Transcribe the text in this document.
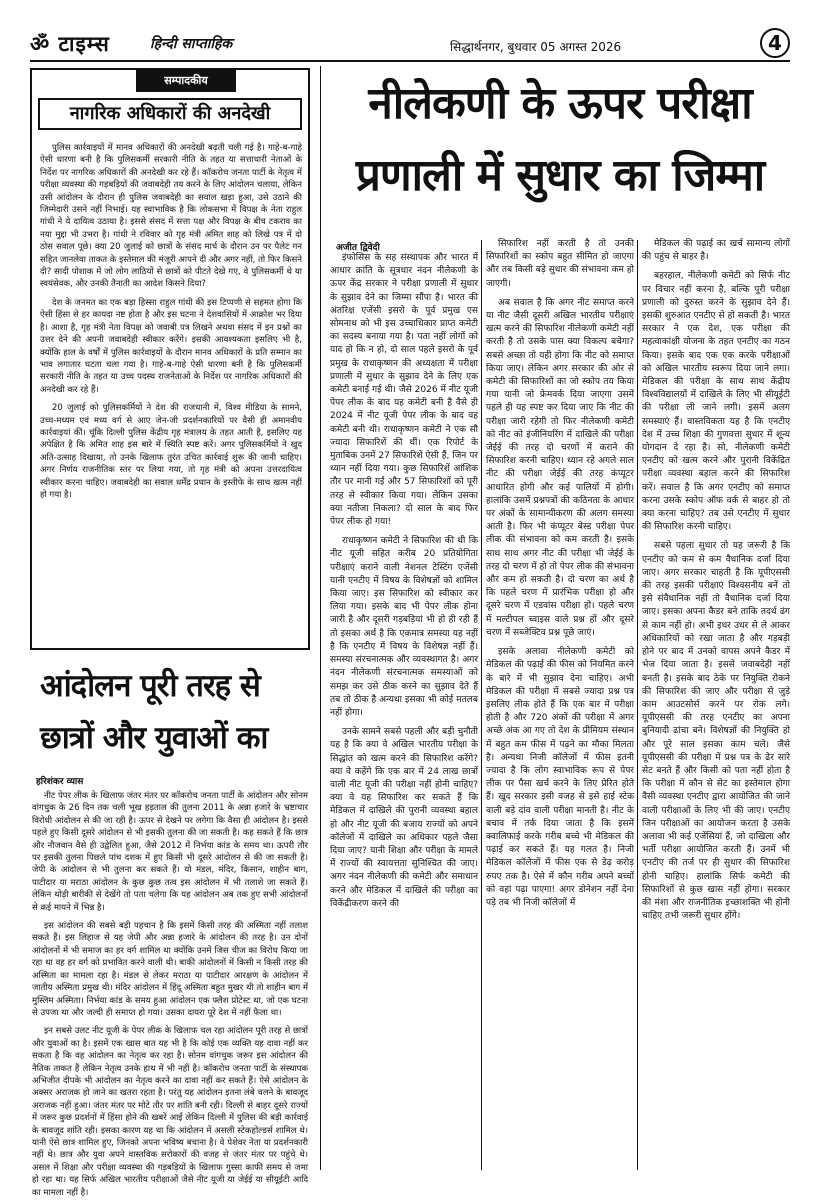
ॐ टाइम्स	हिन्दी साप्ताहिक	सिद्धार्थनगर, बुधवार 05 अगस्त 2026	4
सम्पादकीय
नागरिक अधिकारों की अनदेखी

पुलिस कार्रवाइयों में मानव अधिकारों की अनदेखी बढ़ती चली गई है। गाहे-ब-गाहे ऐसी धारणा बनी है कि पुलिसकर्मी सरकारी नीति के तहत या सत्ताधारी नेताओं के निर्देश पर नागरिक अधिकारों की अनदेखी कर रहे हैं। कॉकरोच जनता पार्टी के नेतृत्व में परीक्षा व्यवस्था की गड़बड़ियों की जवाबदेही तय करने के लिए आंदोलन चलाया, लेकिन उसी आंदोलन के दौरान ही पुलिस जवाबदेही का सवाल खड़ा हुआ, उसे उठाने की जिम्मेदारी उसने नहीं निभाई। यह स्वाभाविक है कि लोकसभा में विपक्ष के नेता राहुल गांधी ने ये दायित्व उठाया है। इससे संसद में सत्ता पक्ष और विपक्ष के बीच टकराव का नया मुद्दा भी उभरा है। गांधी ने रविवार को गृह मंत्री अमित शाह को लिखे पत्र में दो ठोस सवाल पूछे। क्या 20 जुलाई को छात्रों के संसद मार्च के दौरान उन पर पैलेट गन सहित जानलेवा ताकत के इस्तेमाल की मंजूरी आपने दी और अगर नहीं, तो फिर किसने दी? सादी पोशाक में जो लोग लाठियों से छात्रों को पीटते देखे गए, वे पुलिसकर्मी थे या स्वयंसेवक, और उनकी तैनाती का आदेश किसने दिया?

देश के जनमत का एक बड़ा हिस्सा राहुल गांधी की इस टिप्पणी से सहमत होगा कि ऐसी हिंसा से हर कायदा नष्ट होता है और इस घटना ने देशवासियों में आक्रोश भर दिया है। आशा है, गृह मंत्री नेता विपक्ष को जवाबी पत्र लिखने अथवा संसद में इन प्रश्नों का उत्तर देने की अपनी जवाबदेही स्वीकार करेंगे। इसकी आवश्यकता इसलिए भी है, क्योंकि हाल के वर्षों में पुलिस कार्रवाइयों के दौरान मानव अधिकारों के प्रति सम्मान का भाव लगातार घटता चला गया है। गाहे-ब-गाहे ऐसी धारणा बनी है कि पुलिसकर्मी सरकारी नीति के तहत या उच्च पदस्थ राजनेताओं के निर्देश पर नागरिक अधिकारों की अनदेखी कर रहे हैं।

20 जुलाई को पुलिसकर्मियों ने देश की राजधानी में, विश्व मीडिया के सामने, उच्च-मध्यम एवं मध्य वर्ग से आए जेन-जी प्रदर्शनकारियों पर वैसी ही अमानवीय कार्रवाइयां कीं। चूंकि दिल्ली पुलिस केंद्रीय गृह मंत्रालय के तहत आती है, इसलिए यह अपेक्षित है कि अमित शाह इस बारे में स्थिति स्पष्ट करें। अगर पुलिसकर्मियों ने खुद अति-उत्साह दिखाया, तो उनके खिलाफ तुरंत उचित कार्रवाई शुरू की जानी चाहिए। अगर निर्णय राजनीतिक स्तर पर लिया गया, तो गृह मंत्री को अपना उत्तरदायित्व स्वीकार करना चाहिए। जवाबदेही का सवाल धर्मेंद्र प्रधान के इस्तीफे के साथ खत्म नहीं हो गया है।

नीलेकणी के ऊपर परीक्षा प्रणाली में सुधार का जिम्मा
अजीत द्विवेदी

इंफोसिस के सह संस्थापक और भारत में आधार क्रांति के सूत्रधार नंदन नीलेकणी के ऊपर केंद्र सरकार ने परीक्षा प्रणाली में सुधार के सुझाव देने का जिम्मा सौंपा है। भारत की अंतरिक्ष एजेंसी इसरो के पूर्व प्रमुख एस सोमनाथ को भी इस उच्चाधिकार प्राप्त कमेटी का सदस्य बनाया गया है। पता नहीं लोगों को याद हो कि न हो, दो साल पहले इसरो के पूर्व प्रमुख के राधाकृष्णन की अध्यक्षता में परीक्षा प्रणाली में सुधार के सुझाव देने के लिए एक कमेटी बनाई गई थी। जैसे 2026 में नीट यूजी पेपर लीक के बाद यह कमेटी बनी है वैसे ही 2024 में नीट यूजी पेपर लीक के बाद वह कमेटी बनी थी। राधाकृष्णन कमेटी ने एक सौ ज्यादा सिफारिशें की थीं। एक रिपोर्ट के मुताबिक उनमें 27 सिफारिशें ऐसी हैं, जिन पर ध्यान नहीं दिया गया। कुछ सिफारिशें आंशिक तौर पर मानी गईं और 57 सिफारिशों को पूरी तरह से स्वीकार किया गया। लेकिन उसका क्या नतीजा निकला? दो साल के बाद फिर पेपर लीक हो गया!

राधाकृष्णन कमेटी ने सिफारिश की थी कि नीट यूजी सहित करीब 20 प्रतियोगिता परीक्षाएं कराने वाली नेशनल टेस्टिंग एजेंसी यानी एनटीए में विषय के विशेषज्ञों को शामिल किया जाए। इस सिफारिश को स्वीकार कर लिया गया। इसके बाद भी पेपर लीक होना जारी है और दूसरी गड़बड़ियां भी हो ही रही हैं तो इसका अर्थ है कि एकमात्र समस्या यह नहीं है कि एनटीए में विषय के विशेषज्ञ नहीं हैं। समस्या संरचनात्मक और व्यवस्थागत है। अगर नंदन नीलेकणी संरचनात्मक समस्याओं को समझ कर उसे ठीक करने का सुझाव देते हैं तब तो ठीक है अन्यथा इसका भी कोई मतलब नहीं होगा।

उनके सामने सबसे पहली और बड़ी चुनौती यह है कि क्या वे अखिल भारतीय परीक्षा के सिद्धांत को खत्म करने की सिफारिश करेंगे? क्या वे कहेंगे कि एक बार में 24 लाख छात्रों वाली नीट यूजी की परीक्षा नहीं होनी चाहिए? क्या वे यह सिफारिश कर सकते हैं कि मेडिकल में दाखिले की पुरानी व्यवस्था बहाल हो और नीट यूजी की बजाय राज्यों को अपने कॉलेजों में दाखिले का अधिकार पहले जैसा दिया जाए? यानी शिक्षा और परीक्षा के मामले में राज्यों की स्वायत्तता सुनिश्चित की जाए। अगर नंदन नीलेकणी की कमेटी और समाधान करने और मेडिकल में दाखिले की परीक्षा का विकेंद्रीकरण करने की

सिफारिश नहीं करती है तो उनकी सिफारिशों का स्कोप बहुत सीमित हो जाएगा और तब किसी बड़े सुधार की संभावना कम हो जाएगी।

अब सवाल है कि अगर नीट समाप्त करने या नीट जैसी दूसरी अखिल भारतीय परीक्षाएं खत्म करने की सिफारिश नीलेकणी कमेटी नहीं करती है तो उसके पास क्या विकल्प बचेगा? सबसे अच्छा तो यही होगा कि नीट को समाप्त किया जाए। लेकिन अगर सरकार की ओर से कमेटी की सिफारिशों का जो स्कोप तय किया गया यानी जो फ्रेमवर्क दिया जाएगा उसमें पहले ही यह स्पष्ट कर दिया जाए कि नीट की परीक्षा जारी रहेगी तो फिर नीलेकणी कमेटी को नीट को इंजीनियरिंग में दाखिले की परीक्षा जेईई की तरह दो चरणों में कराने की सिफारिश करनी चाहिए। ध्यान रहे अगले साल नीट की परीक्षा जेईई की तरह कंप्यूटर आधारित होगी और कई पालियों में होगी। हालांकि उसमें प्रश्नपत्रों की कठिनता के आधार पर अंकों के सामान्यीकरण की अलग समस्या आती है। फिर भी कंप्यूटर बेस्ड परीक्षा पेपर लीक की संभावना को कम करती है। इसके साथ साथ अगर नीट की परीक्षा भी जेईई के तरह दो चरण में हो तो पेपर लीक की संभावना और कम हो सकती है। दो चरण का अर्थ है कि पहले चरण में प्रारंभिक परीक्षा हो और दूसरे चरण में एडवांस परीक्षा हो। पहले चरण में मल्टीपल च्वाइस वाले प्रश्न हों और दूसरे चरण में सब्जेक्टिव प्रश्न पूछे जाएं।

इसके अलावा नीलेकणी कमेटी को मेडिकल की पढ़ाई की फीस को नियमित करने के बारे में भी सुझाव देना चाहिए। अभी मेडिकल की परीक्षा में सबसे ज्यादा प्रश्न पत्र इसलिए लीक होते हैं कि एक बार में परीक्षा होती है और 720 अंकों की परीक्षा में अगर अच्छे अंक आ गए तो देश के प्रीमियम संस्थान में बहुत कम फीस में पढ़ने का मौका मिलता है। अन्यथा निजी कॉलेजों में फीस इतनी ज्यादा है कि लोग स्वाभाविक रूप से पेपर लीक पर पैसा खर्च करने के लिए प्रेरित होते हैं। खुद सरकार इसी वजह से इसे हाई स्टेक वाली बड़े दांव वाली परीक्षा मानती है। नीट के बचाव में तर्क दिया जाता है कि इसमें क्वालिफाई करके गरीब बच्चे भी मेडिकल की पढ़ाई कर सकते हैं। यह गलत है। निजी मेडिकल कॉलेजों में फीस एक से डेढ़ करोड़ रुपए तक है। ऐसे में कौन गरीब अपने बच्चों को वहां पढ़ा पाएगा! अगर डोनेशन नहीं देना पड़े तब भी निजी कॉलेजों में

मेडिकल की पढ़ाई का खर्च सामान्य लोगों की पहुंच से बाहर है।

बहरहाल, नीलेकणी कमेटी को सिर्फ नीट पर विचार नहीं करना है, बल्कि पूरी परीक्षा प्रणाली को दुरुस्त करने के सुझाव देने हैं। इसकी शुरुआत एनटीए से हो सकती है। भारत सरकार ने एक देश, एक परीक्षा की महत्वाकांक्षी योजना के तहत एनटीए का गठन किया। इसके बाद एक एक करके परीक्षाओं को अखिल भारतीय स्वरूप दिया जाने लगा। मेडिकल की परीक्षा के साथ साथ केंद्रीय विश्वविद्यालयों में दाखिले के लिए भी सीयूईटी की परीक्षा ली जाने लगी। इसमें अलग समस्याएं हैं। वास्तविकता यह है कि एनटीए देश में उच्च शिक्षा की गुणवत्ता सुधार में शून्य योगदान दे रहा है। सो, नीलेकणी कमेटी एनटीए को खत्म करने और पुरानी विकेंद्रित परीक्षा व्यवस्था बहाल करने की सिफारिश करें। सवाल है कि अगर एनटीए को समाप्त करना उसके स्कोप ऑफ वर्क से बाहर हो तो क्या करना चाहिए? तब उसे एनटीए में सुधार की सिफारिश करनी चाहिए।

सबसे पहला सुधार तो यह जरूरी है कि एनटीए को कम से कम वैधानिक दर्जा दिया जाए। अगर सरकार चाहती है कि यूपीएससी की तरह इसकी परीक्षाएं विश्वसनीय बनें तो इसे संवैधानिक नहीं तो वैधानिक दर्जा दिया जाए। इसका अपना कैडर बने ताकि तदर्थ ढंग से काम नहीं हो। अभी इधर उधर से ले आकर अधिकारियों को रखा जाता है और गड़बड़ी होने पर बाद में उनको वापस अपने कैडर में भेज दिया जाता है। इससे जवाबदेही नहीं बनती है। इसके बाद ठेके पर नियुक्ति रोकने की सिफारिश की जाए और परीक्षा से जुड़े काम आउटसोर्स करने पर रोक लगे। यूपीएससी की तरह एनटीए का अपना बुनियादी ढांचा बने। विशेषज्ञों की नियुक्ति हो और पूरे साल इसका काम चले। जैसे यूपीएससी की परीक्षा में प्रश्न पत्र के ढेर सारे सेट बनते हैं और किसी को पता नहीं होता है कि परीक्षा में कौन से सेट का इस्तेमाल होगा वैसी व्यवस्था एनटीए द्वारा आयोजित की जाने वाली परीक्षाओं के लिए भी की जाए। एनटीए जिन परीक्षाओं का आयोजन करता है उसके अलावा भी कई एजेंसियां हैं, जो दाखिला और भर्ती परीक्षा आयोजित करती हैं। उनमें भी एनटीए की तर्ज पर ही सुधार की सिफारिश होनी चाहिए। हालांकि सिर्फ कमेटी की सिफारिशों से कुछ खास नहीं होगा। सरकार की मंशा और राजनीतिक इच्छाशक्ति भी होनी चाहिए तभी जरूरी सुधार होंगे।

आंदोलन पूरी तरह से छात्रों और युवाओं का
हरिशंकर व्यास

नीट पेपर लीक के खिलाफ जंतर मंतर पर कॉकरोच जनता पार्टी के आंदोलन और सोनम वांगचुक के 26 दिन तक चली भूख हड़ताल की तुलना 2011 के अन्ना हजारे के भ्रष्टाचार विरोधी आंदोलन से की जा रही है। ऊपर से देखने पर लगेगा कि वैसा ही आंदोलन है। इससे पहले हुए किसी दूसरे आंदोलन से भी इसकी तुलना की जा सकती है। कह सकते हैं कि छात्र और नौजवान वैसे ही उद्वेलित हुआ, जैसे 2012 में निर्भया कांड के समय था। ऊपरी तौर पर इसकी तुलना पिछले पांच दशक में हुए किसी भी दूसरे आंदोलन से की जा सकती है। जेपी के आंदोलन से भी तुलना कर सकते हैं। यो मंडल, मंदिर, किसान, शाहीन बाग, पाटीदार या मराठा आंदोलन के कुछ कुछ तत्व इस आंदोलन में भी तलाशे जा सकते हैं। लेकिन थोड़ी बारीकी से देखेंगे तो पता चलेगा कि यह आंदोलन अब तक हुए सभी आंदोलनों से कई मायने में भिन्न है।

इस आंदोलन की सबसे बड़ी पहचान है कि इसमें किसी तरह की अस्मिता नहीं तलाश सकते हैं। इस लिहाज से यह जेपी और अन्ना हजारे के आंदोलन की तरह है। उन दोनों आंदोलनों में भी समाज का हर वर्ग शामिल था क्योंकि उनमें जिस चीज का विरोध किया जा रहा था वह हर वर्ग को प्रभावित करने वाली थी। बाकी आंदोलनों में किसी न किसी तरह की अस्मिता का मामला रहा है। मंडल से लेकर मराठा या पाटीदार आरक्षण के आंदोलन में जातीय अस्मिता प्रमुख थी। मंदिर आंदोलन में हिंदू अस्मिता बहुत मुखर थी तो शाहीन बाग में मुस्लिम अस्मिता। निर्भया कांड के समय हुआ आंदोलन एक फ्लैश प्रोटेस्ट था, जो एक घटना से उपजा था और जल्दी ही समाप्त हो गया। उसका दायरा पूरे देश में नहीं फैला था।

इन सबसे उलट नीट यूजी के पेपर लीक के खिलाफ चल रहा आंदोलन पूरी तरह से छात्रों और युवाओं का है। इसमें एक खास बात यह भी है कि कोई एक व्यक्ति यह दावा नहीं कर सकता है कि वह आंदोलन का नेतृत्व कर रहा है। सोनम वांगचुक जरूर इस आंदोलन की नैतिक ताकत हैं लेकिन नेतृत्व उनके हाथ में भी नहीं है। कॉकरोच जनता पार्टी के संस्थापक अभिजीत दीपके भी आंदोलन का नेतृत्व करने का दावा नहीं कर सकते हैं। ऐसे आंदोलन के अक्सर अराजक हो जाने का खतरा रहता है। परंतु यह आंदोलन इतना लंबे चलने के बावजूद अराजक नहीं हुआ। जंतर मंतर पर मोटे तौर पर शांति बनी रही। दिल्ली से बाहर दूसरे राज्यों में जरूर कुछ प्रदर्शनों में हिंसा होने की खबरें आईं लेकिन दिल्ली में पुलिस की बड़ी कार्रवाई के बावजूद शांति रही। इसका कारण यह था कि आंदोलन में असली स्टेकहोल्डर्स शामिल थे। यानी ऐसे छात्र शामिल हुए, जिनको अपना भविष्य बचाना है। वे पेशेवर नेता या प्रदर्शनकारी नहीं थे। छात्र और युवा अपने वास्तविक सरोकारों की वजह से जंतर मंतर पर पहुंचे थे। असल में शिक्षा और परीक्षा व्यवस्था की गड़बड़ियों के खिलाफ गुस्सा काफी समय से जमा हो रहा था। यह सिर्फ अखिल भारतीय परीक्षाओं जैसे नीट यूजी या जेईई या सीयूईटी आदि का मामला नहीं है।
